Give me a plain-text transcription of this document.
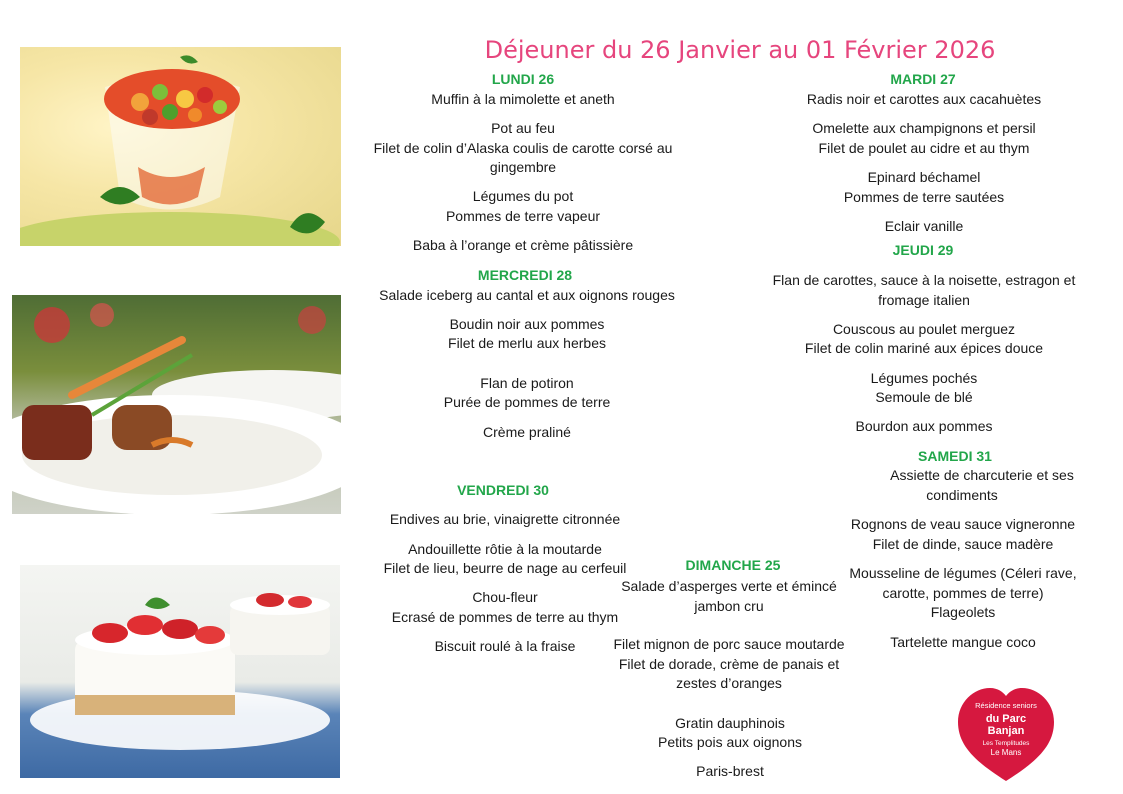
Déjeuner du 26 Janvier au 01 Février 2026
LUNDI 26	MARDI 27
MERCREDI 28
JEUDI 29
VENDREDI 30
SAMEDI 31
DIMANCHE 25
Muffin à la mimolette et aneth
Pot au feu
Filet de colin d’Alaska coulis de carotte corsé au
gingembre
Légumes du pot
Pommes de terre vapeur
Baba à l’orange et crème pâtissière
Radis noir et carottes aux cacahuètes
Omelette aux champignons et persil
Filet de poulet au cidre et au thym
Epinard béchamel
Pommes de terre sautées
Eclair vanille
Salade iceberg au cantal et aux oignons rouges
Boudin noir aux pommes
Filet de merlu aux herbes
Flan de potiron
Purée de pommes de terre
Crème praliné
Flan de carottes, sauce à la noisette, estragon et
fromage italien
Couscous au poulet merguez
Filet de colin mariné aux épices douce
Légumes pochés
Semoule de blé
Bourdon aux pommes
Endives au brie, vinaigrette citronnée
Andouillette rôtie à la moutarde
Filet de lieu, beurre de nage au cerfeuil
Chou-fleur
Ecrasé de pommes de terre au thym
Biscuit roulé à la fraise
Assiette de charcuterie et ses
condiments
Rognons de veau sauce vigneronne
Filet de dinde, sauce madère
Mousseline de légumes (Céleri rave,
carotte, pommes de terre)
Flageolets
Tartelette mangue coco
Salade d’asperges verte et émincé
jambon cru
Filet mignon de porc sauce moutarde
Filet de dorade, crème de panais et
zestes d’oranges
Gratin dauphinois
Petits pois aux oignons
Paris-brest
Résidence seniors
du Parc
Banjan
Les Templitudes
Le Mans
